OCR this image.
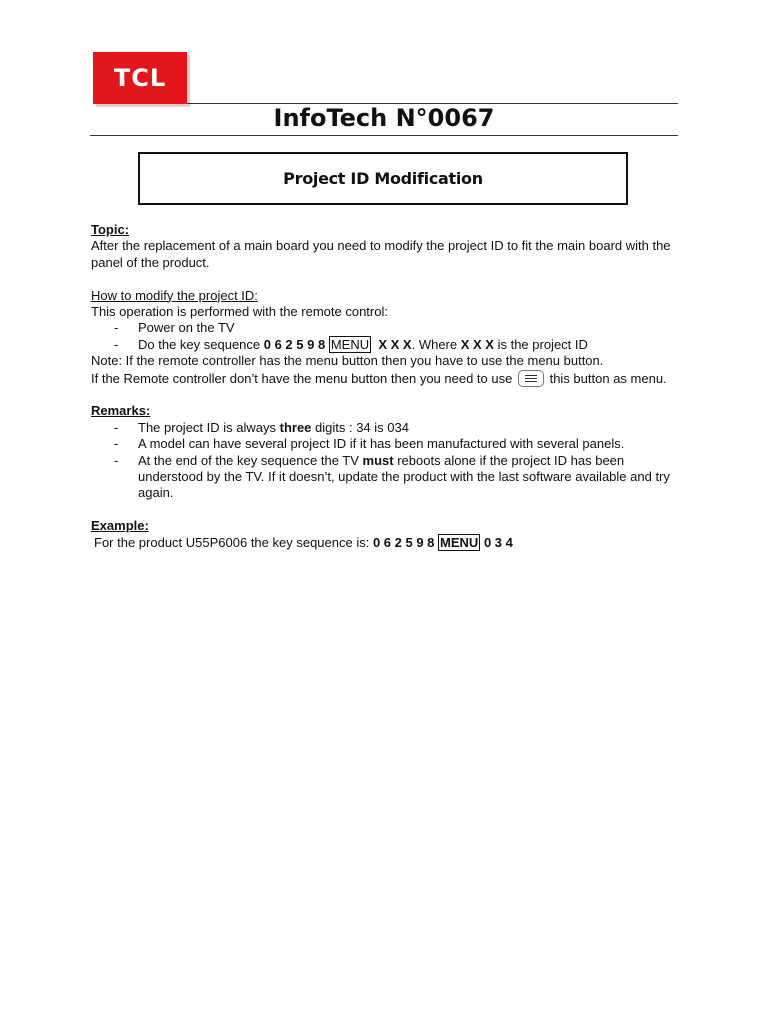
TCL
InfoTech N°0067
Project ID Modification

Topic:

After the replacement of a main board you need to modify the project ID to fit the main board with the panel of the product.

How to modify the project ID:

This operation is performed with the remote control:

- Power on the TV
- Do the key sequence 0 6 2 5 9 8 MENU X X X. Where X X X is the project ID

Note: If the remote controller has the menu button then you have to use the menu button.

If the Remote controller don’t have the menu button then you need to use	this button as menu.

Remarks:

- The project ID is always three digits : 34 is 034
- A model can have several project ID if it has been manufactured with several panels.
- At the end of the key sequence the TV must reboots alone if the project ID has been understood by the TV. If it doesn’t, update the product with the last software available and try again.

Example:

For the product U55P6006 the key sequence is: 0 6 2 5 9 8 MENU 0 3 4
